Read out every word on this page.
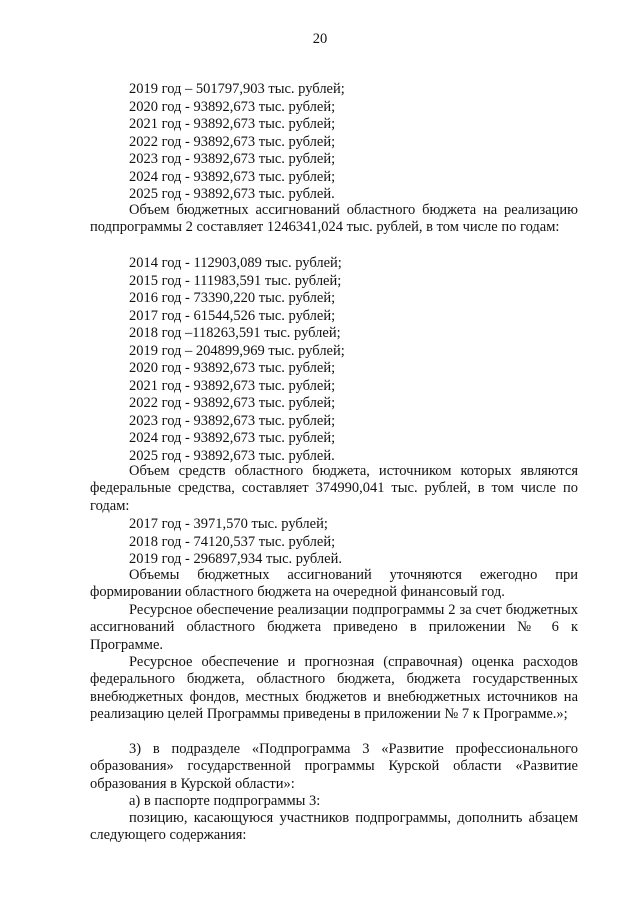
20
2019 год – 501797,903 тыс. рублей;
2020 год - 93892,673 тыс. рублей;
2021 год - 93892,673 тыс. рублей;
2022 год - 93892,673 тыс. рублей;
2023 год - 93892,673 тыс. рублей;
2024 год - 93892,673 тыс. рублей;
2025 год - 93892,673 тыс. рублей.
Объем бюджетных ассигнований областного бюджета на реализацию подпрограммы 2 составляет 1246341,024 тыс. рублей, в том числе по годам:
2014 год - 112903,089 тыс. рублей;
2015 год - 111983,591 тыс. рублей;
2016 год - 73390,220 тыс. рублей;
2017 год - 61544,526 тыс. рублей;
2018 год –118263,591 тыс. рублей;
2019 год – 204899,969 тыс. рублей;
2020 год - 93892,673 тыс. рублей;
2021 год - 93892,673 тыс. рублей;
2022 год - 93892,673 тыс. рублей;
2023 год - 93892,673 тыс. рублей;
2024 год - 93892,673 тыс. рублей;
2025 год - 93892,673 тыс. рублей.
Объем средств областного бюджета, источником которых являются федеральные средства, составляет 374990,041 тыс. рублей, в том числе по годам:
2017 год - 3971,570 тыс. рублей;
2018 год - 74120,537 тыс. рублей;
2019 год - 296897,934 тыс. рублей.
Объемы бюджетных ассигнований уточняются ежегодно при формировании областного бюджета на очередной финансовый год.
Ресурсное обеспечение реализации подпрограммы 2 за счет бюджетных ассигнований областного бюджета приведено в приложении № 6 к Программе.
Ресурсное обеспечение и прогнозная (справочная) оценка расходов федерального бюджета, областного бюджета, бюджета государственных внебюджетных фондов, местных бюджетов и внебюджетных источников на реализацию целей Программы приведены в приложении № 7 к Программе.»;
3) в подразделе «Подпрограмма 3 «Развитие профессионального образования» государственной программы Курской области «Развитие образования в Курской области»:
а) в паспорте подпрограммы 3:
позицию, касающуюся участников подпрограммы, дополнить абзацем следующего содержания:
